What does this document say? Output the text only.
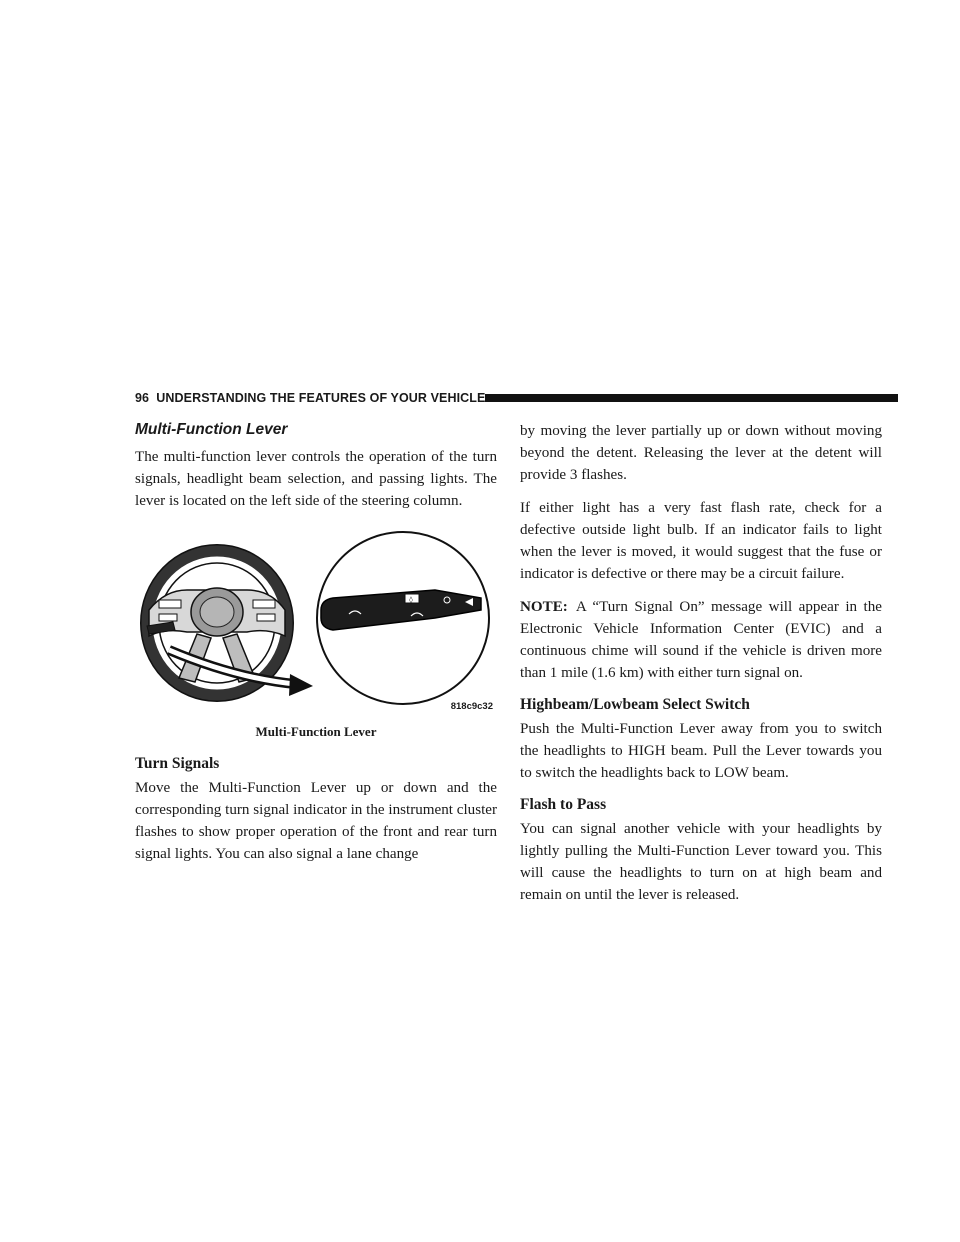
96 UNDERSTANDING THE FEATURES OF YOUR VEHICLE
Multi-Function Lever

The multi-function lever controls the operation of the turn signals, headlight beam selection, and passing lights. The lever is located on the left side of the steering column.

◊
818c9c32
Multi-Function Lever
Turn Signals

Move the Multi-Function Lever up or down and the corresponding turn signal indicator in the instrument cluster flashes to show proper operation of the front and rear turn signal lights. You can also signal a lane change

by moving the lever partially up or down without moving beyond the detent. Releasing the lever at the detent will provide 3 flashes.

If either light has a very fast flash rate, check for a defective outside light bulb. If an indicator fails to light when the lever is moved, it would suggest that the fuse or indicator is defective or there may be a circuit failure.

NOTE: A “Turn Signal On” message will appear in the Electronic Vehicle Information Center (EVIC) and a continuous chime will sound if the vehicle is driven more than 1 mile (1.6 km) with either turn signal on.

Highbeam/Lowbeam Select Switch

Push the Multi-Function Lever away from you to switch the headlights to HIGH beam. Pull the Lever towards you to switch the headlights back to LOW beam.

Flash to Pass

You can signal another vehicle with your headlights by lightly pulling the Multi-Function Lever toward you. This will cause the headlights to turn on at high beam and remain on until the lever is released.
